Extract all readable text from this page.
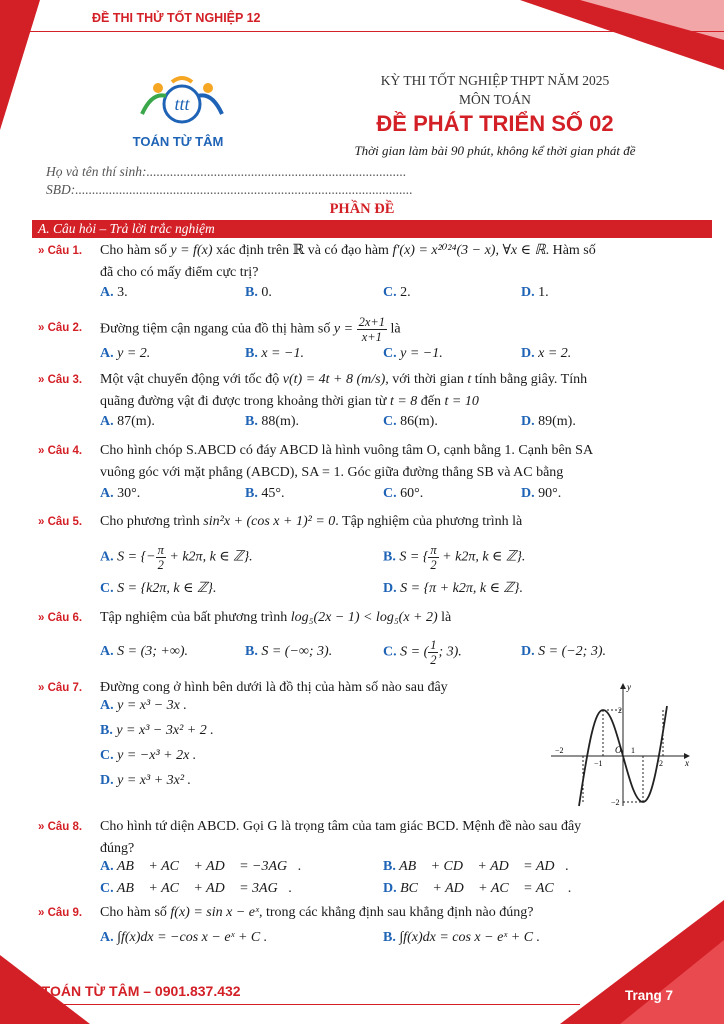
ĐỀ THI THỬ TỐT NGHIỆP 12
ttt
TOÁN TỪ TÂM
KỲ THI TỐT NGHIỆP THPT NĂM 2025
MÔN TOÁN
ĐỀ PHÁT TRIỂN SỐ 02
Thời gian làm bài 90 phút, không kể thời gian phát đề
Họ và tên thí sinh:.............................................................................
SBD:....................................................................................................
PHẦN ĐỀ
A. Câu hỏi – Trả lời trắc nghiệm
» Câu 1. Cho hàm số y = f(x) xác định trên ℝ và có đạo hàm f′(x) = x²⁰²⁴(3 − x), ∀x ∈ ℝ. Hàm số
đã cho có mấy điểm cực trị?
A. 3.	B. 0.	C. 2.	D. 1.
» Câu 2. Đường tiệm cận ngang của đồ thị hàm số $y = \frac{2x+1}{x+1}$ là
A. y = 2.	B. x = −1.	C. y = −1.	D. x = 2.
» Câu 3. Một vật chuyển động với tốc độ v(t) = 4t + 8 (m/s), với thời gian t tính bằng giây. Tính
quãng đường vật đi được trong khoảng thời gian từ t = 8 đến t = 10
A. 87(m).	B. 88(m).	C. 86(m).	D. 89(m).
» Câu 4. Cho hình chóp S.ABCD có đáy ABCD là hình vuông tâm O, cạnh bằng 1. Cạnh bên SA
vuông góc với mặt phẳng (ABCD), SA = 1. Góc giữa đường thẳng SB và AC bằng
A. 30°.	B. 45°.	C. 60°.	D. 90°.
» Câu 5. Cho phương trình sin²x + (cos x + 1)² = 0. Tập nghiệm của phương trình là
A. S = {− $\frac{\pi}{2} + k2\pi$, k ∈ ℤ}.	B. S = { $\frac{\pi}{2} + k2\pi$, k ∈ ℤ}.
C. S = {k2π, k ∈ ℤ}.	D. S = {π + k2π, k ∈ ℤ}.
» Câu 6. Tập nghiệm của bất phương trình log₅(2x − 1) < log₅(x + 2) là
A. S = (3; +∞).	B. S = (−∞; 3).	C. S = ( $\frac{1}{2}$ ; 3).	D. S = (−2; 3).
» Câu 7. Đường cong ở hình bên dưới là đồ thị của hàm số nào sau đây
A. y = x³ − 3x .
B. y = x³ − 3x² + 2 .
C. y = −x³ + 2x .
D. y = x³ + 3x² .
y
x
O
−2
−1
1
2
2
−2
» Câu 8. Cho hình tứ diện ABCD. Gọi G là trọng tâm của tam giác BCD. Mệnh đề nào sau đây
đúng?
A. AB⃗ + AC⃗ + AD⃗ = −3AG⃗.	B. AB⃗ + CD⃗ + AD⃗ = AD⃗.
C. AB⃗ + AC⃗ + AD⃗ = 3AG⃗.	D. BC⃗ + AD⃗ + AC⃗ = AC⃗ .
» Câu 9. Cho hàm số f(x) = sin x − eˣ, trong các khẳng định sau khẳng định nào đúng?
A. ∫f(x)dx = −cos x − eˣ + C .	B. ∫f(x)dx = cos x − eˣ + C .
» TOÁN TỪ TÂM – 0901.837.432	Trang 7
